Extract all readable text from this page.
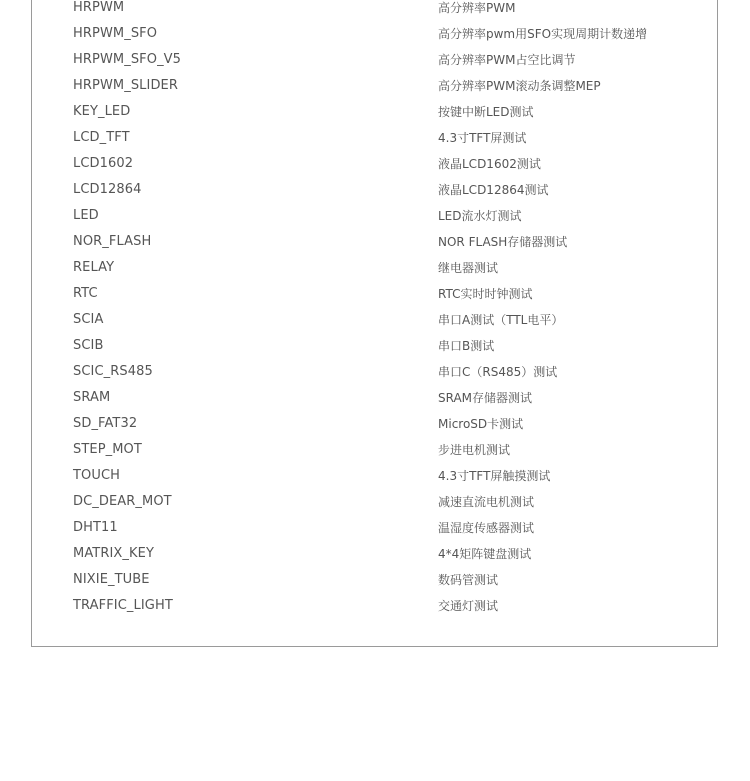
HRPWM	高分辨率PWM
HRPWM_SFO	高分辨率pwm用SFO实现周期计数递增
HRPWM_SFO_V5	高分辨率PWM占空比调节
HRPWM_SLIDER	高分辨率PWM滚动条调整MEP
KEY_LED	按键中断LED测试
LCD_TFT	4.3寸TFT屏测试
LCD1602	液晶LCD1602测试
LCD12864	液晶LCD12864测试
LED	LED流水灯测试
NOR_FLASH	NOR FLASH存储器测试
RELAY	继电器测试
RTC	RTC实时时钟测试
SCIA	串口A测试（TTL电平）
SCIB	串口B测试
SCIC_RS485	串口C（RS485）测试
SRAM	SRAM存储器测试
SD_FAT32	MicroSD卡测试
STEP_MOT	步进电机测试
TOUCH	4.3寸TFT屏触摸测试
DC_DEAR_MOT	减速直流电机测试
DHT11	温湿度传感器测试
MATRIX_KEY	4*4矩阵键盘测试
NIXIE_TUBE	数码管测试
TRAFFIC_LIGHT	交通灯测试
